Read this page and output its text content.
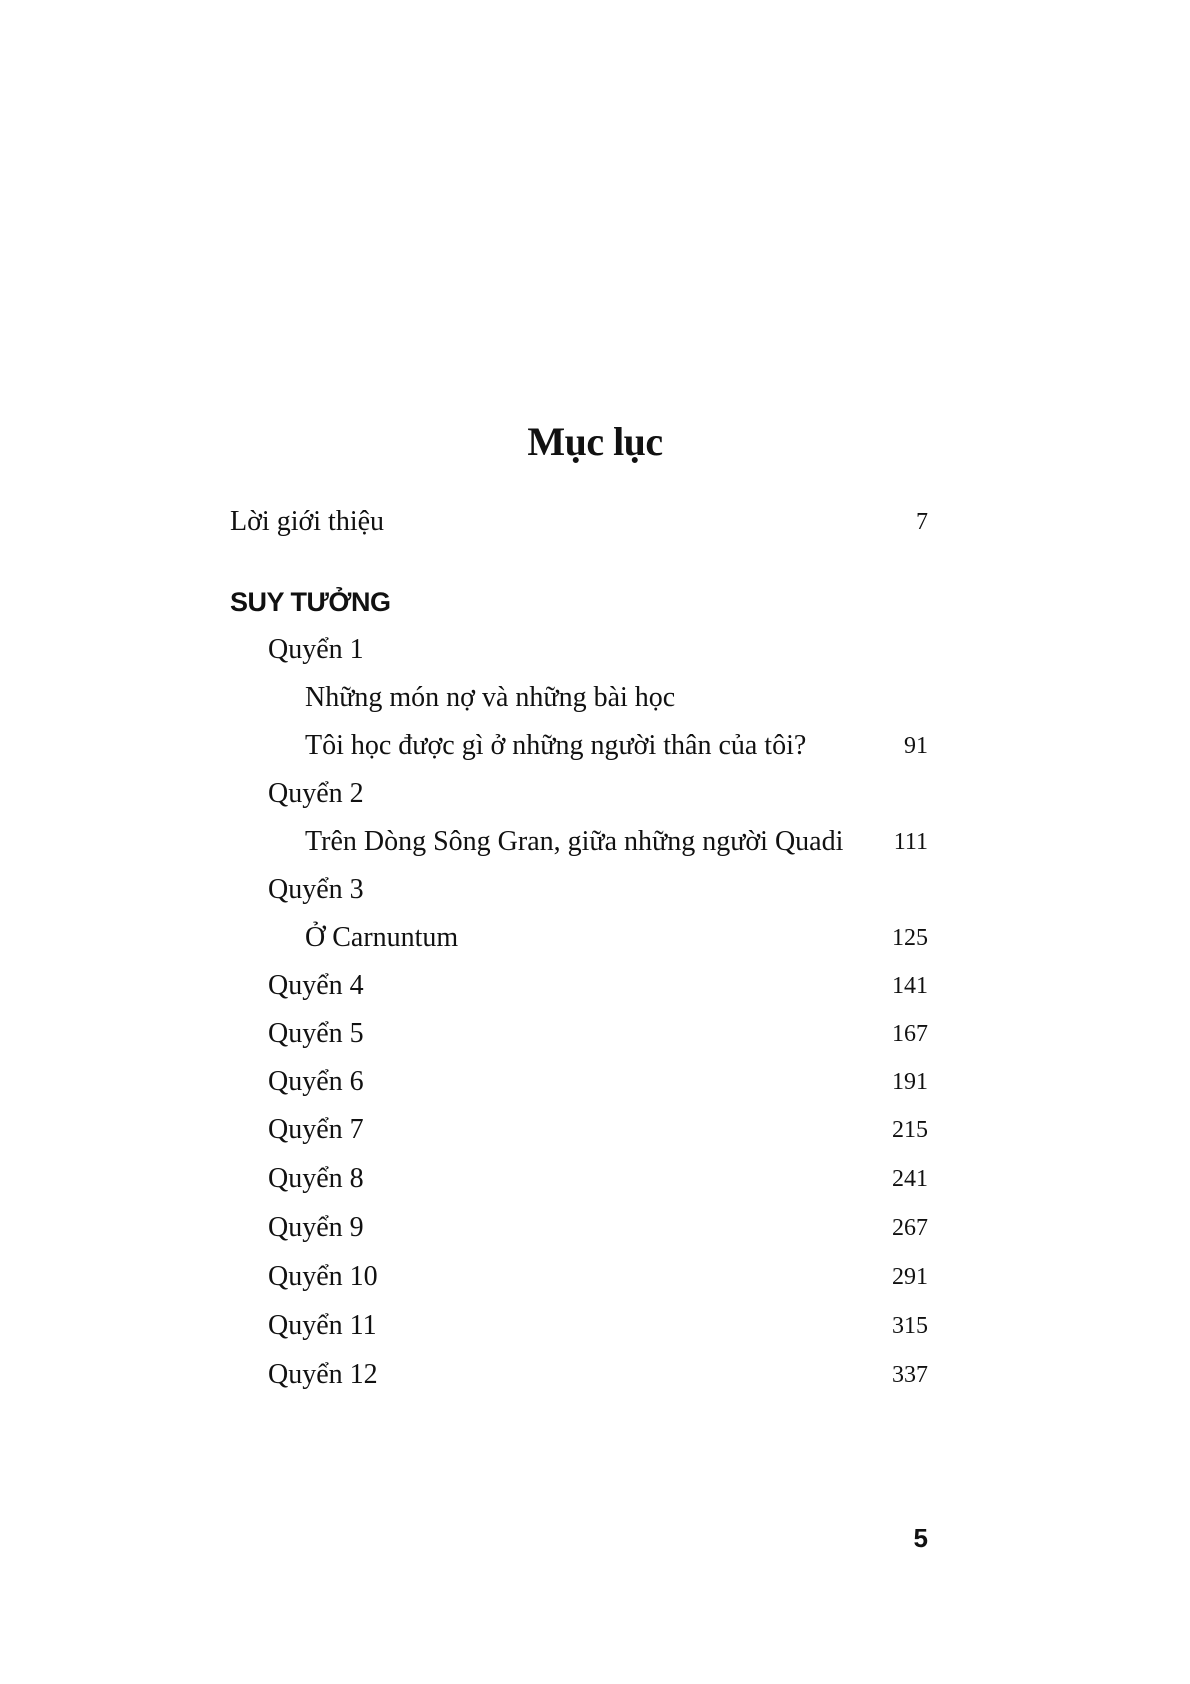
Mục lục
Lời giới thiệu	7
SUY TƯỞNG
Quyển 1
Những món nợ và những bài học
Tôi học được gì ở những người thân của tôi?	91
Quyển 2
Trên Dòng Sông Gran, giữa những người Quadi 111
Quyển 3
Ở Carnuntum	125
Quyển 4	141
Quyển 5	167
Quyển 6	191
Quyển 7	215
Quyển 8	241
Quyển 9	267
Quyển 10	291
Quyển 11	315
Quyển 12	337
5
